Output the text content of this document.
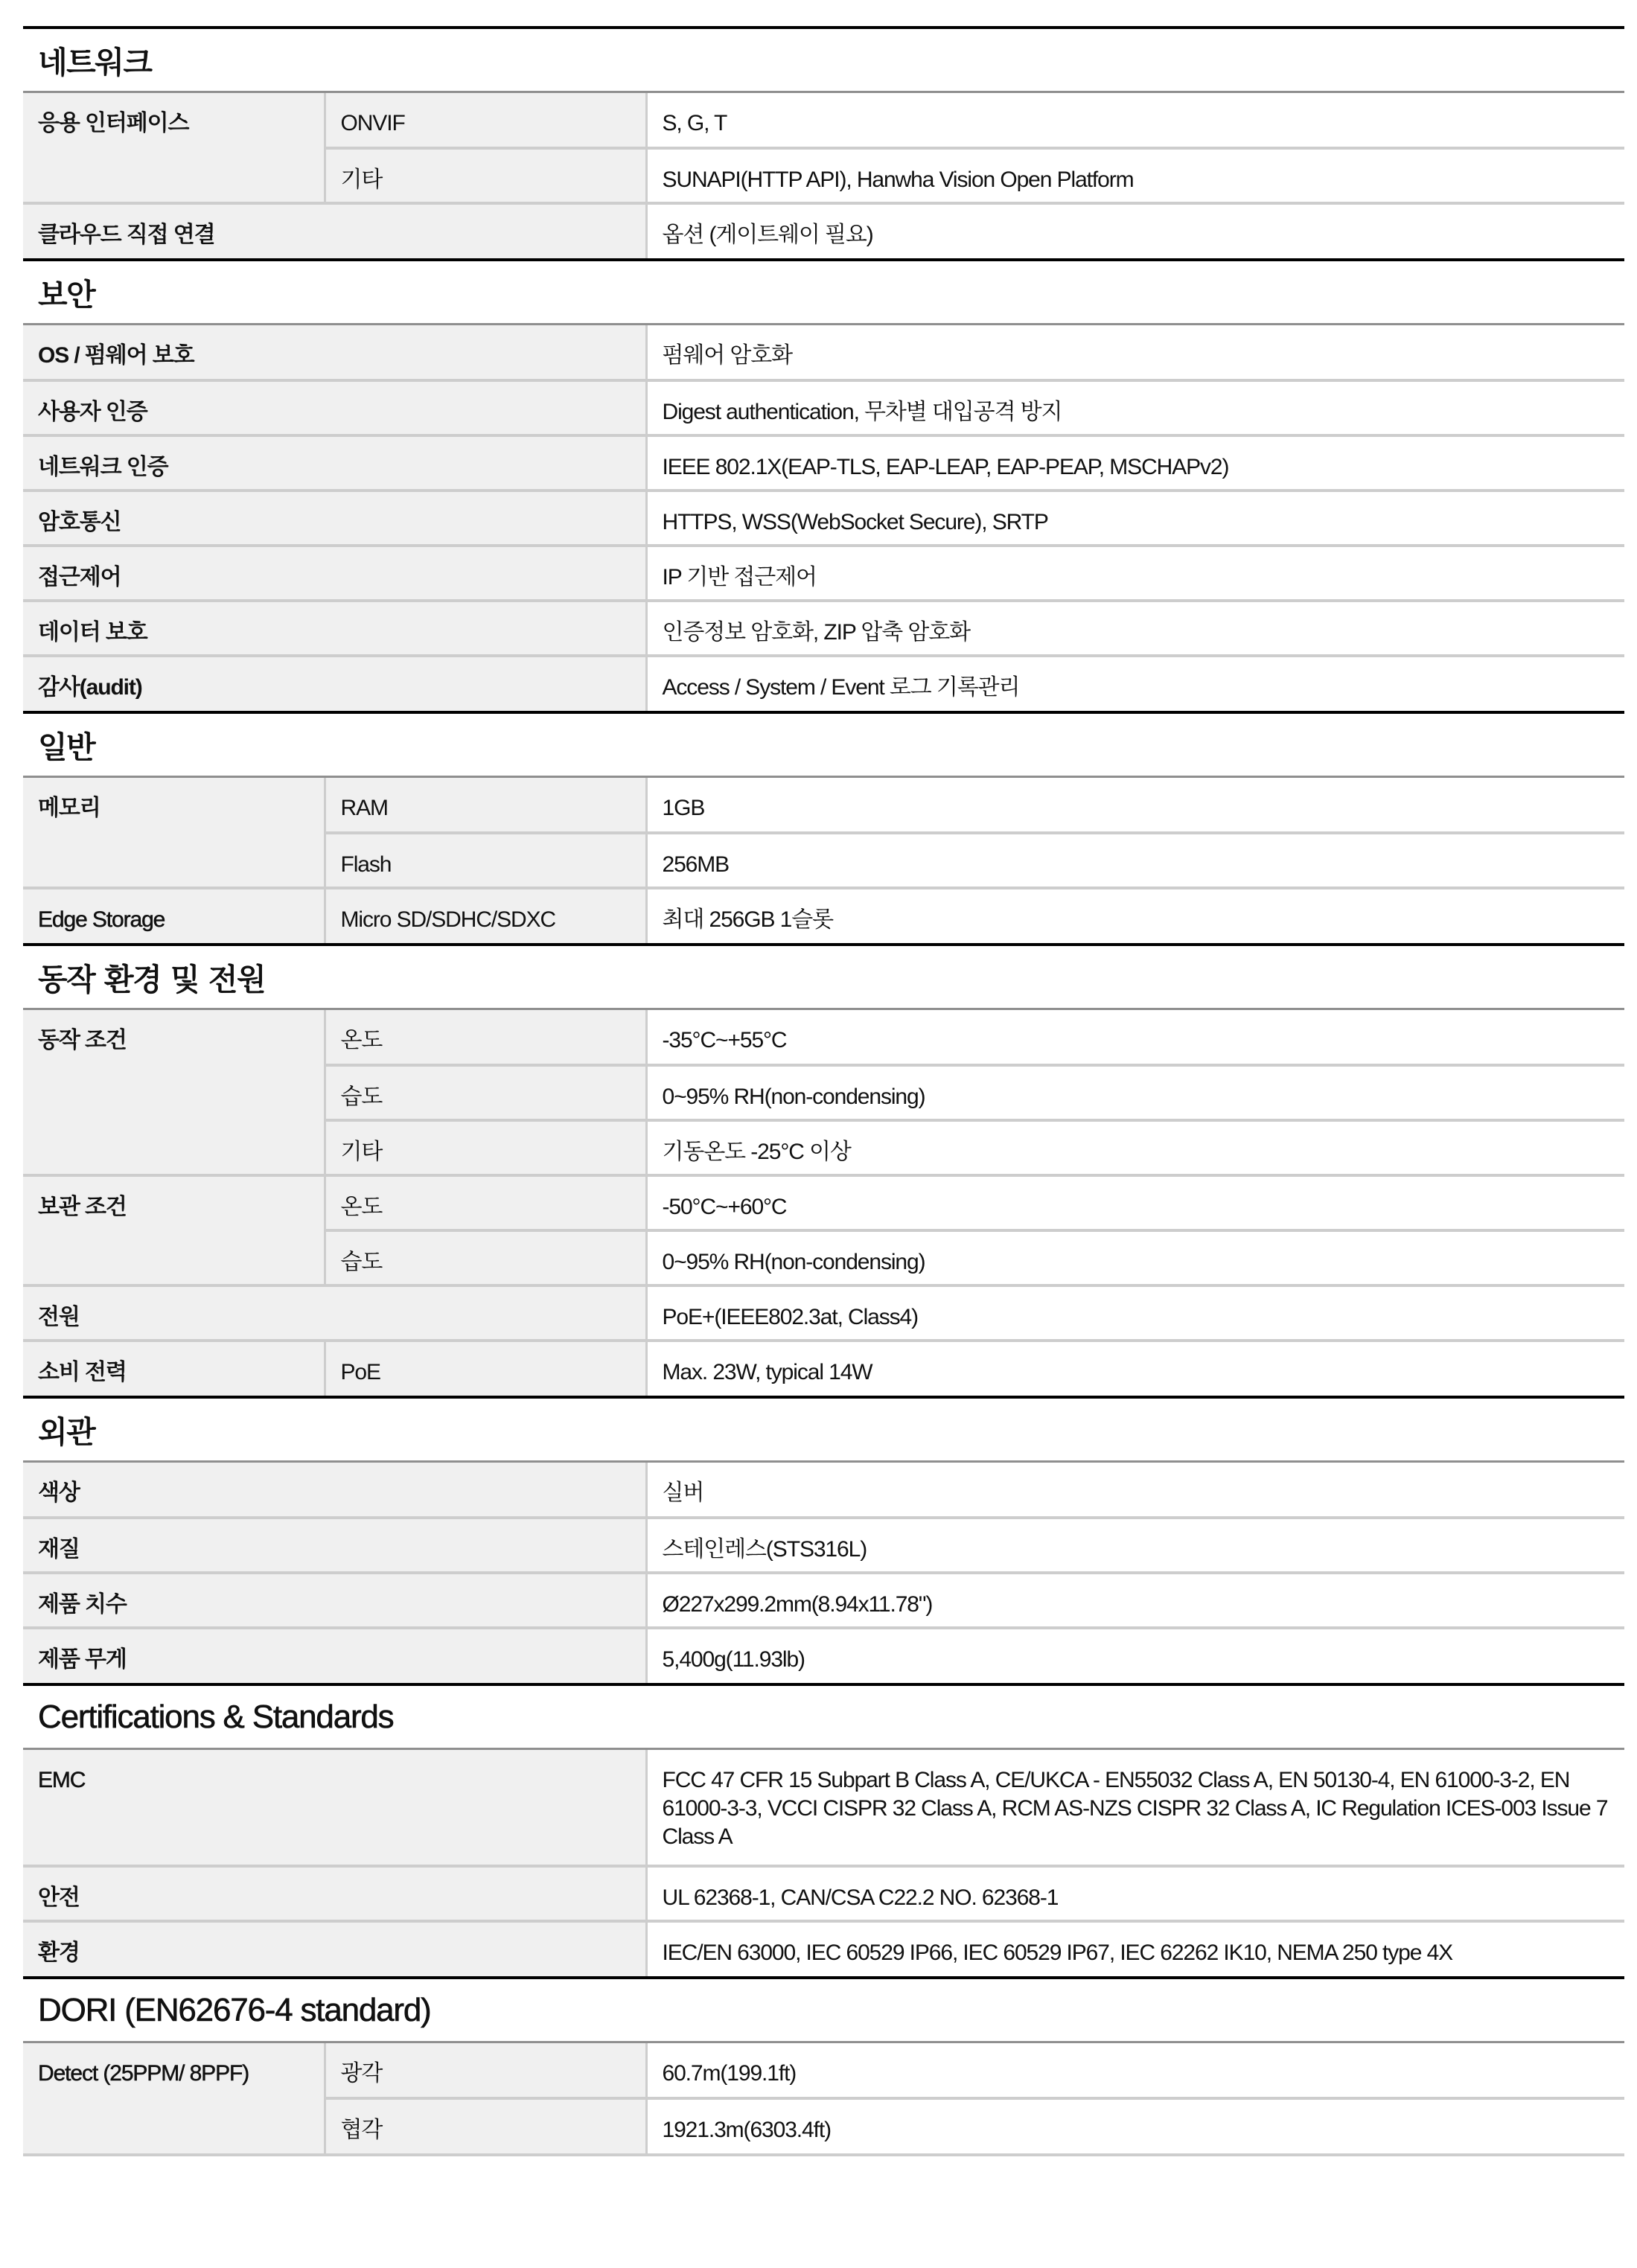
네트워크
응용 인터페이스	ONVIF	S, G, T
	기타	SUNAPI(HTTP API), Hanwha Vision Open Platform
클라우드 직접 연결		옵션 (게이트웨이 필요)
보안
OS / 펌웨어 보호	펌웨어 암호화
사용자 인증	Digest authentication, 무차별 대입공격 방지
네트워크 인증	IEEE 802.1X(EAP-TLS, EAP-LEAP, EAP-PEAP, MSCHAPv2)
암호통신	HTTPS, WSS(WebSocket Secure), SRTP
접근제어	IP 기반 접근제어
데이터 보호	인증정보 암호화, ZIP 압축 암호화
감사(audit)	Access / System / Event 로그 기록관리
일반
메모리	RAM	1GB
	Flash	256MB
Edge Storage	Micro SD/SDHC/SDXC	최대 256GB 1슬롯
동작 환경 및 전원
동작 조건	온도	-35°C~+55°C
	습도	0~95% RH(non-condensing)
	기타	기동온도 -25°C 이상
보관 조건	온도	-50°C~+60°C
	습도	0~95% RH(non-condensing)
전원		PoE+(IEEE802.3at, Class4)
소비 전력	PoE	Max. 23W, typical 14W
외관
색상	실버
재질	스테인레스(STS316L)
제품 치수	Ø227x299.2mm(8.94x11.78")
제품 무게	5,400g(11.93lb)
Certifications & Standards
EMC	FCC 47 CFR 15 Subpart B Class A, CE/UKCA - EN55032 Class A, EN 50130-4, EN 61000-3-2, EN 61000-3-3, VCCI CISPR 32 Class A, RCM AS-NZS CISPR 32 Class A, IC Regulation ICES-003 Issue 7 Class A
안전	UL 62368-1, CAN/CSA C22.2 NO. 62368-1
환경	IEC/EN 63000, IEC 60529 IP66, IEC 60529 IP67, IEC 62262 IK10, NEMA 250 type 4X
DORI (EN62676-4 standard)
Detect (25PPM/ 8PPF)	광각	60.7m(199.1ft)
	협각	1921.3m(6303.4ft)
